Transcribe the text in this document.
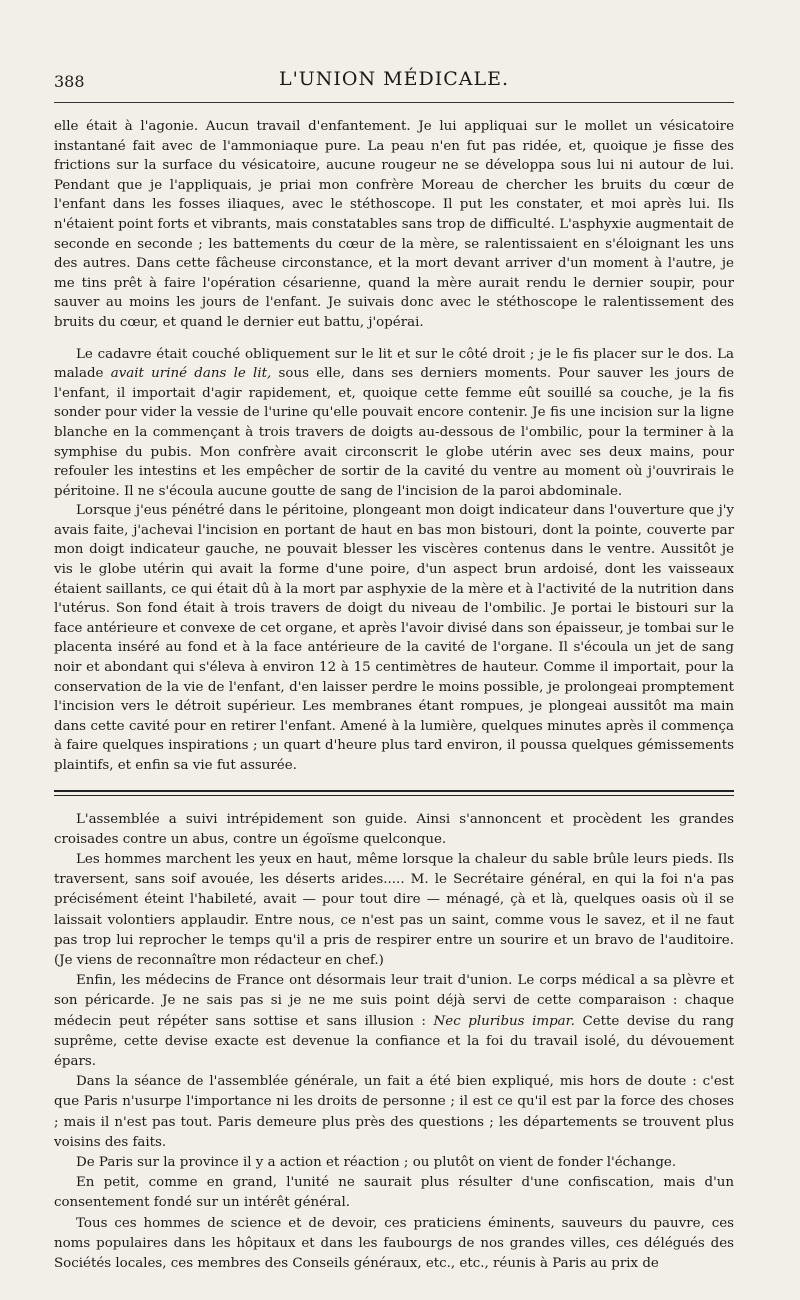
388	L'UNION MÉDICALE.

elle était à l'agonie. Aucun travail d'enfantement. Je lui appliquai sur le mollet un vésicatoire instantané fait avec de l'ammoniaque pure. La peau n'en fut pas ridée, et, quoique je fisse des frictions sur la surface du vésicatoire, aucune rougeur ne se développa sous lui ni autour de lui. Pendant que je l'appliquais, je priai mon confrère Moreau de chercher les bruits du cœur de l'enfant dans les fosses iliaques, avec le stéthoscope. Il put les constater, et moi après lui. Ils n'étaient point forts et vibrants, mais constatables sans trop de difficulté. L'asphyxie augmentait de seconde en seconde ; les battements du cœur de la mère, se ralentissaient en s'éloignant les uns des autres. Dans cette fâcheuse circonstance, et la mort devant arriver d'un moment à l'autre, je me tins prêt à faire l'opération césarienne, quand la mère aurait rendu le dernier soupir, pour sauver au moins les jours de l'enfant. Je suivais donc avec le stéthoscope le ralentissement des bruits du cœur, et quand le dernier eut battu, j'opérai.

Le cadavre était couché obliquement sur le lit et sur le côté droit ; je le fis placer sur le dos. La malade avait uriné dans le lit, sous elle, dans ses derniers moments. Pour sauver les jours de l'enfant, il importait d'agir rapidement, et, quoique cette femme eût souillé sa couche, je la fis sonder pour vider la vessie de l'urine qu'elle pouvait encore contenir. Je fis une incision sur la ligne blanche en la commençant à trois travers de doigts au-dessous de l'ombilic, pour la terminer à la symphise du pubis. Mon confrère avait circonscrit le globe utérin avec ses deux mains, pour refouler les intestins et les empêcher de sortir de la cavité du ventre au moment où j'ouvrirais le péritoine. Il ne s'écoula aucune goutte de sang de l'incision de la paroi abdominale.

Lorsque j'eus pénétré dans le péritoine, plongeant mon doigt indicateur dans l'ouverture que j'y avais faite, j'achevai l'incision en portant de haut en bas mon bistouri, dont la pointe, couverte par mon doigt indicateur gauche, ne pouvait blesser les viscères contenus dans le ventre. Aussitôt je vis le globe utérin qui avait la forme d'une poire, d'un aspect brun ardoisé, dont les vaisseaux étaient saillants, ce qui était dû à la mort par asphyxie de la mère et à l'activité de la nutrition dans l'utérus. Son fond était à trois travers de doigt du niveau de l'ombilic. Je portai le bistouri sur la face antérieure et convexe de cet organe, et après l'avoir divisé dans son épaisseur, je tombai sur le placenta inséré au fond et à la face antérieure de la cavité de l'organe. Il s'écoula un jet de sang noir et abondant qui s'éleva à environ 12 à 15 centimètres de hauteur. Comme il importait, pour la conservation de la vie de l'enfant, d'en laisser perdre le moins possible, je prolongeai promptement l'incision vers le détroit supérieur. Les membranes étant rompues, je plongeai aussitôt ma main dans cette cavité pour en retirer l'enfant. Amené à la lumière, quelques minutes après il commença à faire quelques inspirations ; un quart d'heure plus tard environ, il poussa quelques gémissements plaintifs, et enfin sa vie fut assurée.

L'assemblée a suivi intrépidement son guide. Ainsi s'annoncent et procèdent les grandes croisades contre un abus, contre un égoïsme quelconque.

Les hommes marchent les yeux en haut, même lorsque la chaleur du sable brûle leurs pieds. Ils traversent, sans soif avouée, les déserts arides..... M. le Secrétaire général, en qui la foi n'a pas précisément éteint l'habileté, avait — pour tout dire — ménagé, çà et là, quelques oasis où il se laissait volontiers applaudir. Entre nous, ce n'est pas un saint, comme vous le savez, et il ne faut pas trop lui reprocher le temps qu'il a pris de respirer entre un sourire et un bravo de l'auditoire. (Je viens de reconnaître mon rédacteur en chef.)

Enfin, les médecins de France ont désormais leur trait d'union. Le corps médical a sa plèvre et son péricarde. Je ne sais pas si je ne me suis point déjà servi de cette comparaison : chaque médecin peut répéter sans sottise et sans illusion : Nec pluribus impar. Cette devise du rang suprême, cette devise exacte est devenue la confiance et la foi du travail isolé, du dévouement épars.

Dans la séance de l'assemblée générale, un fait a été bien expliqué, mis hors de doute : c'est que Paris n'usurpe l'importance ni les droits de personne ; il est ce qu'il est par la force des choses ; mais il n'est pas tout. Paris demeure plus près des questions ; les départements se trouvent plus voisins des faits.

De Paris sur la province il y a action et réaction ; ou plutôt on vient de fonder l'échange.

En petit, comme en grand, l'unité ne saurait plus résulter d'une confiscation, mais d'un consentement fondé sur un intérêt général.

Tous ces hommes de science et de devoir, ces praticiens éminents, sauveurs du pauvre, ces noms populaires dans les hôpitaux et dans les faubourgs de nos grandes villes, ces délégués des Sociétés locales, ces membres des Conseils généraux, etc., etc., réunis à Paris au prix de
